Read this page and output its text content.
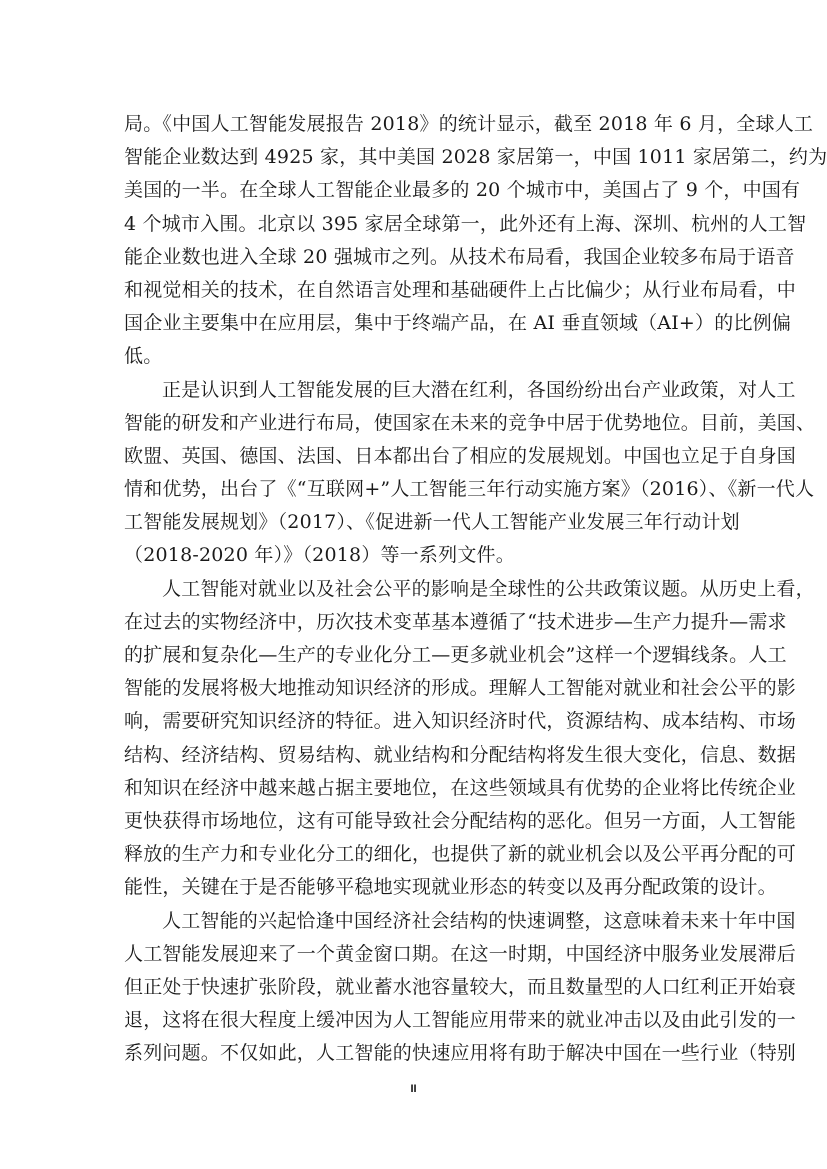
局。《中国人工智能发展报告 2018》的统计显示，截至 2018 年 6 月，全球人工
智能企业数达到 4925 家，其中美国 2028 家居第一，中国 1011 家居第二，约为
美国的一半。在全球人工智能企业最多的 20 个城市中，美国占了 9 个，中国有
4 个城市入围。北京以 395 家居全球第一，此外还有上海、深圳、杭州的人工智
能企业数也进入全球 20 强城市之列。从技术布局看，我国企业较多布局于语音
和视觉相关的技术，在自然语言处理和基础硬件上占比偏少；从行业布局看，中
国企业主要集中在应用层，集中于终端产品，在 AI 垂直领域（AI+）的比例偏
低。
正是认识到人工智能发展的巨大潜在红利，各国纷纷出台产业政策，对人工
智能的研发和产业进行布局，使国家在未来的竞争中居于优势地位。目前，美国、
欧盟、英国、德国、法国、日本都出台了相应的发展规划。中国也立足于自身国
情和优势，出台了《“互联网+”人工智能三年行动实施方案》（2016）、《新一代人
工智能发展规划》（2017）、《促进新一代人工智能产业发展三年行动计划
（2018-2020 年）》（2018）等一系列文件。
人工智能对就业以及社会公平的影响是全球性的公共政策议题。从历史上看，
在过去的实物经济中，历次技术变革基本遵循了“技术进步—生产力提升—需求
的扩展和复杂化—生产的专业化分工—更多就业机会”这样一个逻辑线条。人工
智能的发展将极大地推动知识经济的形成。理解人工智能对就业和社会公平的影
响，需要研究知识经济的特征。进入知识经济时代，资源结构、成本结构、市场
结构、经济结构、贸易结构、就业结构和分配结构将发生很大变化，信息、数据
和知识在经济中越来越占据主要地位，在这些领域具有优势的企业将比传统企业
更快获得市场地位，这有可能导致社会分配结构的恶化。但另一方面，人工智能
释放的生产力和专业化分工的细化，也提供了新的就业机会以及公平再分配的可
能性，关键在于是否能够平稳地实现就业形态的转变以及再分配政策的设计。
人工智能的兴起恰逢中国经济社会结构的快速调整，这意味着未来十年中国
人工智能发展迎来了一个黄金窗口期。在这一时期，中国经济中服务业发展滞后
但正处于快速扩张阶段，就业蓄水池容量较大，而且数量型的人口红利正开始衰
退，这将在很大程度上缓冲因为人工智能应用带来的就业冲击以及由此引发的一
系列问题。不仅如此，人工智能的快速应用将有助于解决中国在一些行业（特别
II
